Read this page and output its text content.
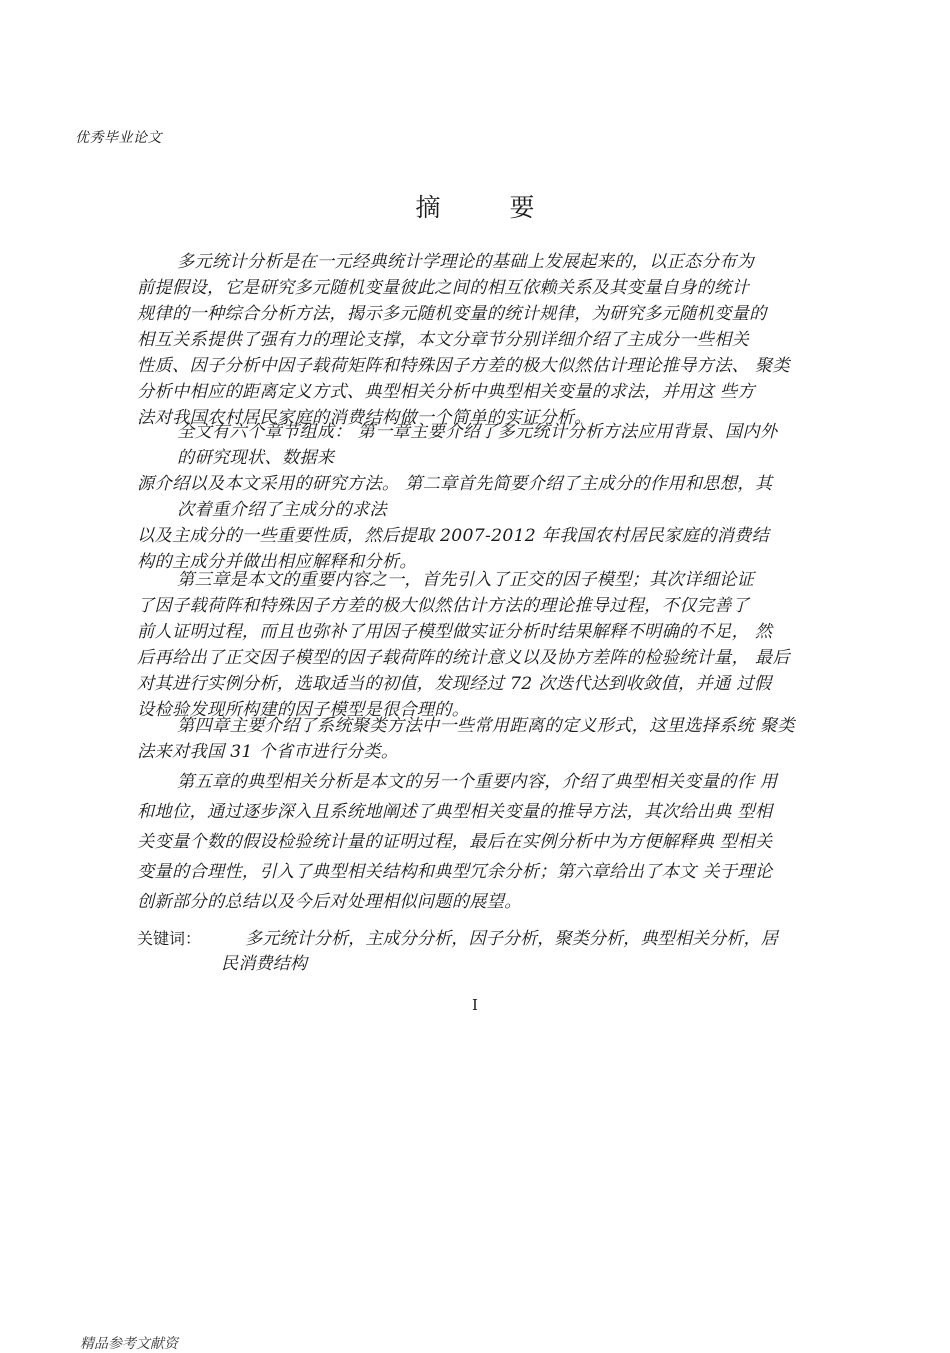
优秀毕业论文
摘　要
多元统计分析是在一元经典统计学理论的基础上发展起来的，以正态分布为
前提假设，它是研究多元随机变量彼此之间的相互依赖关系及其变量自身的统计
规律的一种综合分析方法，揭示多元随机变量的统计规律，为研究多元随机变量的
相互关系提供了强有力的理论支撑，本文分章节分别详细介绍了主成分一些相关
性质、因子分析中因子载荷矩阵和特殊因子方差的极大似然估计理论推导方法、 聚类
分析中相应的距离定义方式、典型相关分析中典型相关变量的求法，并用这 些方
法对我国农村居民家庭的消费结构做一个简单的实证分析。
全文有六个章节组成： 第一章主要介绍了多元统计分析方法应用背景、国内外
的研究现状、数据来
源介绍以及本文采用的研究方法。 第二章首先简要介绍了主成分的作用和思想，其
次着重介绍了主成分的求法
以及主成分的一些重要性质，然后提取 2007-2012 年我国农村居民家庭的消费结
构的主成分并做出相应解释和分析。
第三章是本文的重要内容之一，首先引入了正交的因子模型；其次详细论证
了因子载荷阵和特殊因子方差的极大似然估计方法的理论推导过程，不仅完善了
前人证明过程，而且也弥补了用因子模型做实证分析时结果解释不明确的不足， 然
后再给出了正交因子模型的因子载荷阵的统计意义以及协方差阵的检验统计量， 最后
对其进行实例分析，选取适当的初值，发现经过 72 次迭代达到收敛值，并通 过假
设检验发现所构建的因子模型是很合理的。
第四章主要介绍了系统聚类方法中一些常用距离的定义形式，这里选择系统 聚类
法来对我国 31 个省市进行分类。
第五章的典型相关分析是本文的另一个重要内容，介绍了典型相关变量的作 用
和地位，通过逐步深入且系统地阐述了典型相关变量的推导方法，其次给出典 型相
关变量个数的假设检验统计量的证明过程，最后在实例分析中为方便解释典 型相关
变量的合理性，引入了典型相关结构和典型冗余分析；第六章给出了本文 关于理论
创新部分的总结以及今后对处理相似问题的展望。
关键词：	多元统计分析，主成分分析，因子分析，聚类分析，典型相关分析，居
民消费结构
I
精品参考文献资
